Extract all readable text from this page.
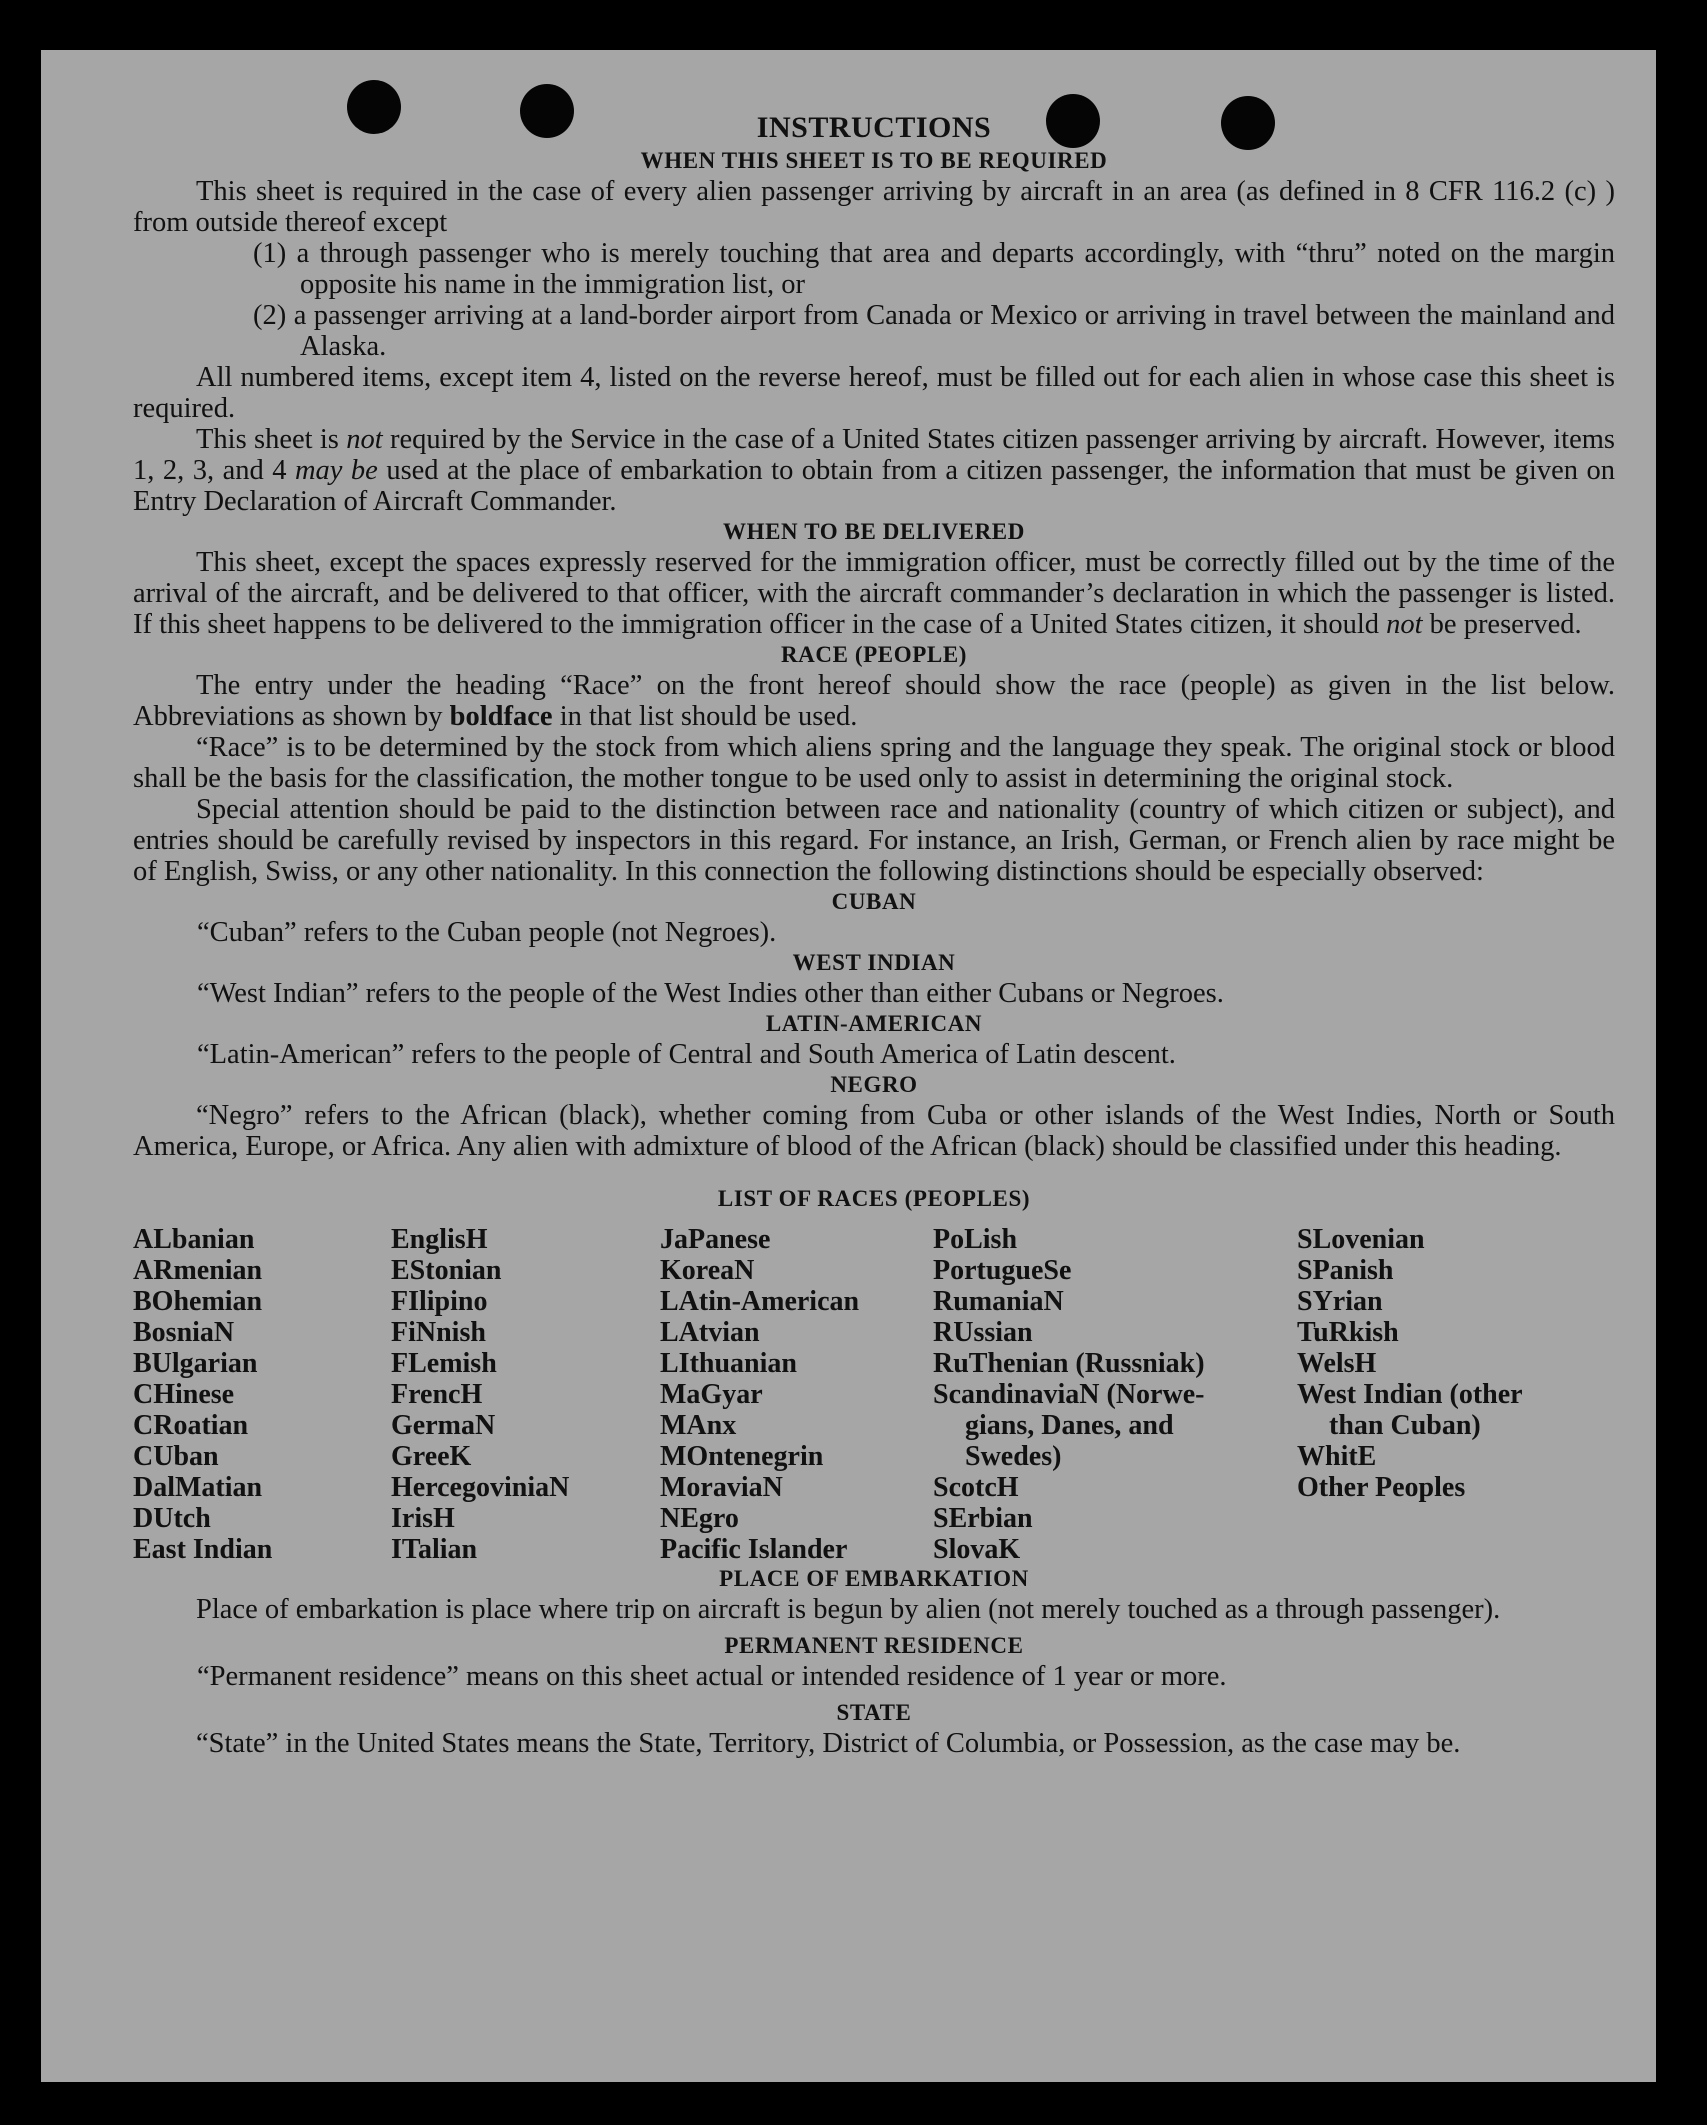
INSTRUCTIONS
WHEN THIS SHEET IS TO BE REQUIRED

This sheet is required in the case of every alien passenger arriving by aircraft in an area (as defined in 8 CFR 116.2 (c) ) from outside thereof except

(1) a through passenger who is merely touching that area and departs accordingly, with “thru” noted on the margin opposite his name in the immigration list, or
(2) a passenger arriving at a land-border airport from Canada or Mexico or arriving in travel between the mainland and Alaska.

All numbered items, except item 4, listed on the reverse hereof, must be filled out for each alien in whose case this sheet is required.

This sheet is not required by the Service in the case of a United States citizen passenger arriving by aircraft. However, items 1, 2, 3, and 4 may be used at the place of embarkation to obtain from a citizen passenger, the information that must be given on Entry Declaration of Aircraft Commander.

WHEN TO BE DELIVERED

This sheet, except the spaces expressly reserved for the immigration officer, must be correctly filled out by the time of the arrival of the aircraft, and be delivered to that officer, with the aircraft commander’s declaration in which the passenger is listed. If this sheet happens to be delivered to the immigration officer in the case of a United States citizen, it should not be preserved.

RACE (PEOPLE)

The entry under the heading “Race” on the front hereof should show the race (people) as given in the list below. Abbreviations as shown by boldface in that list should be used.

“Race” is to be determined by the stock from which aliens spring and the language they speak. The original stock or blood shall be the basis for the classification, the mother tongue to be used only to assist in determining the original stock.

Special attention should be paid to the distinction between race and nationality (country of which citizen or subject), and entries should be carefully revised by inspectors in this regard. For instance, an Irish, German, or French alien by race might be of English, Swiss, or any other nationality. In this connection the following distinctions should be especially observed:

CUBAN
“Cuban” refers to the Cuban people (not Negroes).
WEST INDIAN
“West Indian” refers to the people of the West Indies other than either Cubans or Negroes.
LATIN-AMERICAN
“Latin-American” refers to the people of Central and South America of Latin descent.
NEGRO

“Negro” refers to the African (black), whether coming from Cuba or other islands of the West Indies, North or South America, Europe, or Africa. Any alien with admixture of blood of the African (black) should be classified under this heading.

LIST OF RACES (PEOPLES)
ALbanian
ARmenian
BOhemian
BosniaN
BUlgarian
CHinese
CRoatian
CUban
DalMatian
DUtch
East Indian
EnglisH
EStonian
FIlipino
FiNnish
FLemish
FrencH
GermaN
GreeK
HercegoviniaN
IrisH
ITalian
JaPanese
KoreaN
LAtin-American
LAtvian
LIthuanian
MaGyar
MAnx
MOntenegrin
MoraviaN
NEgro
Pacific Islander
PoLish
PortugueSe
RumaniaN
RUssian
RuThenian (Russniak)
ScandinaviaN (Norwe-
gians, Danes, and
Swedes)
ScotcH
SErbian
SlovaK
SLovenian
SPanish
SYrian
TuRkish
WelsH
West Indian (other
than Cuban)
WhitE
Other Peoples
PLACE OF EMBARKATION

Place of embarkation is place where trip on aircraft is begun by alien (not merely touched as a through passenger).

PERMANENT RESIDENCE
“Permanent residence” means on this sheet actual or intended residence of 1 year or more.
STATE

“State” in the United States means the State, Territory, District of Columbia, or Possession, as the case may be.
